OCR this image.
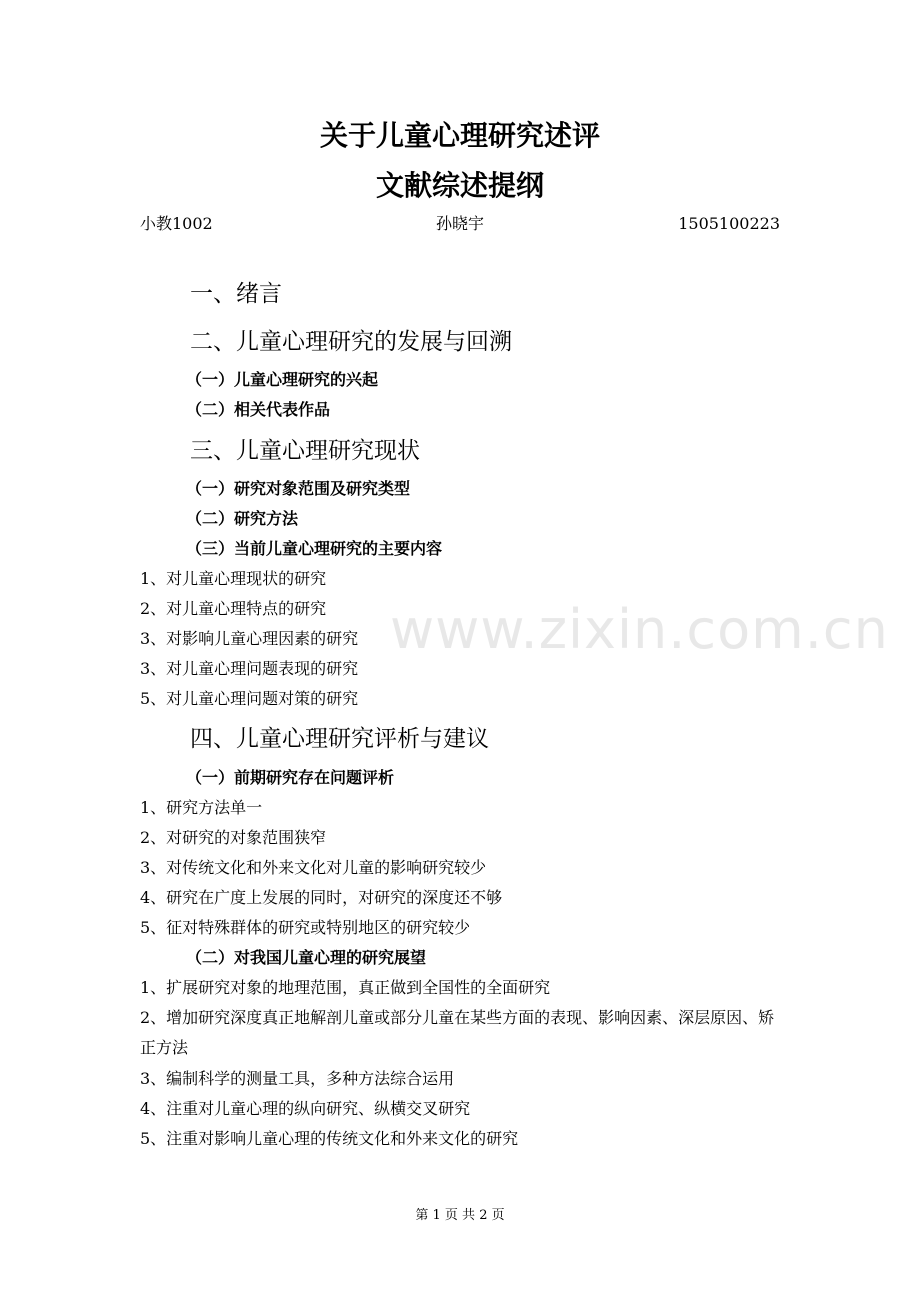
关于儿童心理研究述评
文献综述提纲
孙晓宇
小教1002	1505100223
www.zixin.com.cn

一、绪言

二、儿童心理研究的发展与回溯

（一）儿童心理研究的兴起

（二）相关代表作品

三、儿童心理研究现状

（一）研究对象范围及研究类型

（二）研究方法

（三）当前儿童心理研究的主要内容

1、对儿童心理现状的研究

2、对儿童心理特点的研究

3、对影响儿童心理因素的研究

3、对儿童心理问题表现的研究

5、对儿童心理问题对策的研究

四、儿童心理研究评析与建议

（一）前期研究存在问题评析

1、研究方法单一

2、对研究的对象范围狭窄

3、对传统文化和外来文化对儿童的影响研究较少

4、研究在广度上发展的同时，对研究的深度还不够

5、征对特殊群体的研究或特别地区的研究较少

（二）对我国儿童心理的研究展望

1、扩展研究对象的地理范围，真正做到全国性的全面研究

2、增加研究深度真正地解剖儿童或部分儿童在某些方面的表现、影响因素、深层原因、矫正方法

3、编制科学的测量工具，多种方法综合运用

4、注重对儿童心理的纵向研究、纵横交叉研究

5、注重对影响儿童心理的传统文化和外来文化的研究

第 1 页 共 2 页
